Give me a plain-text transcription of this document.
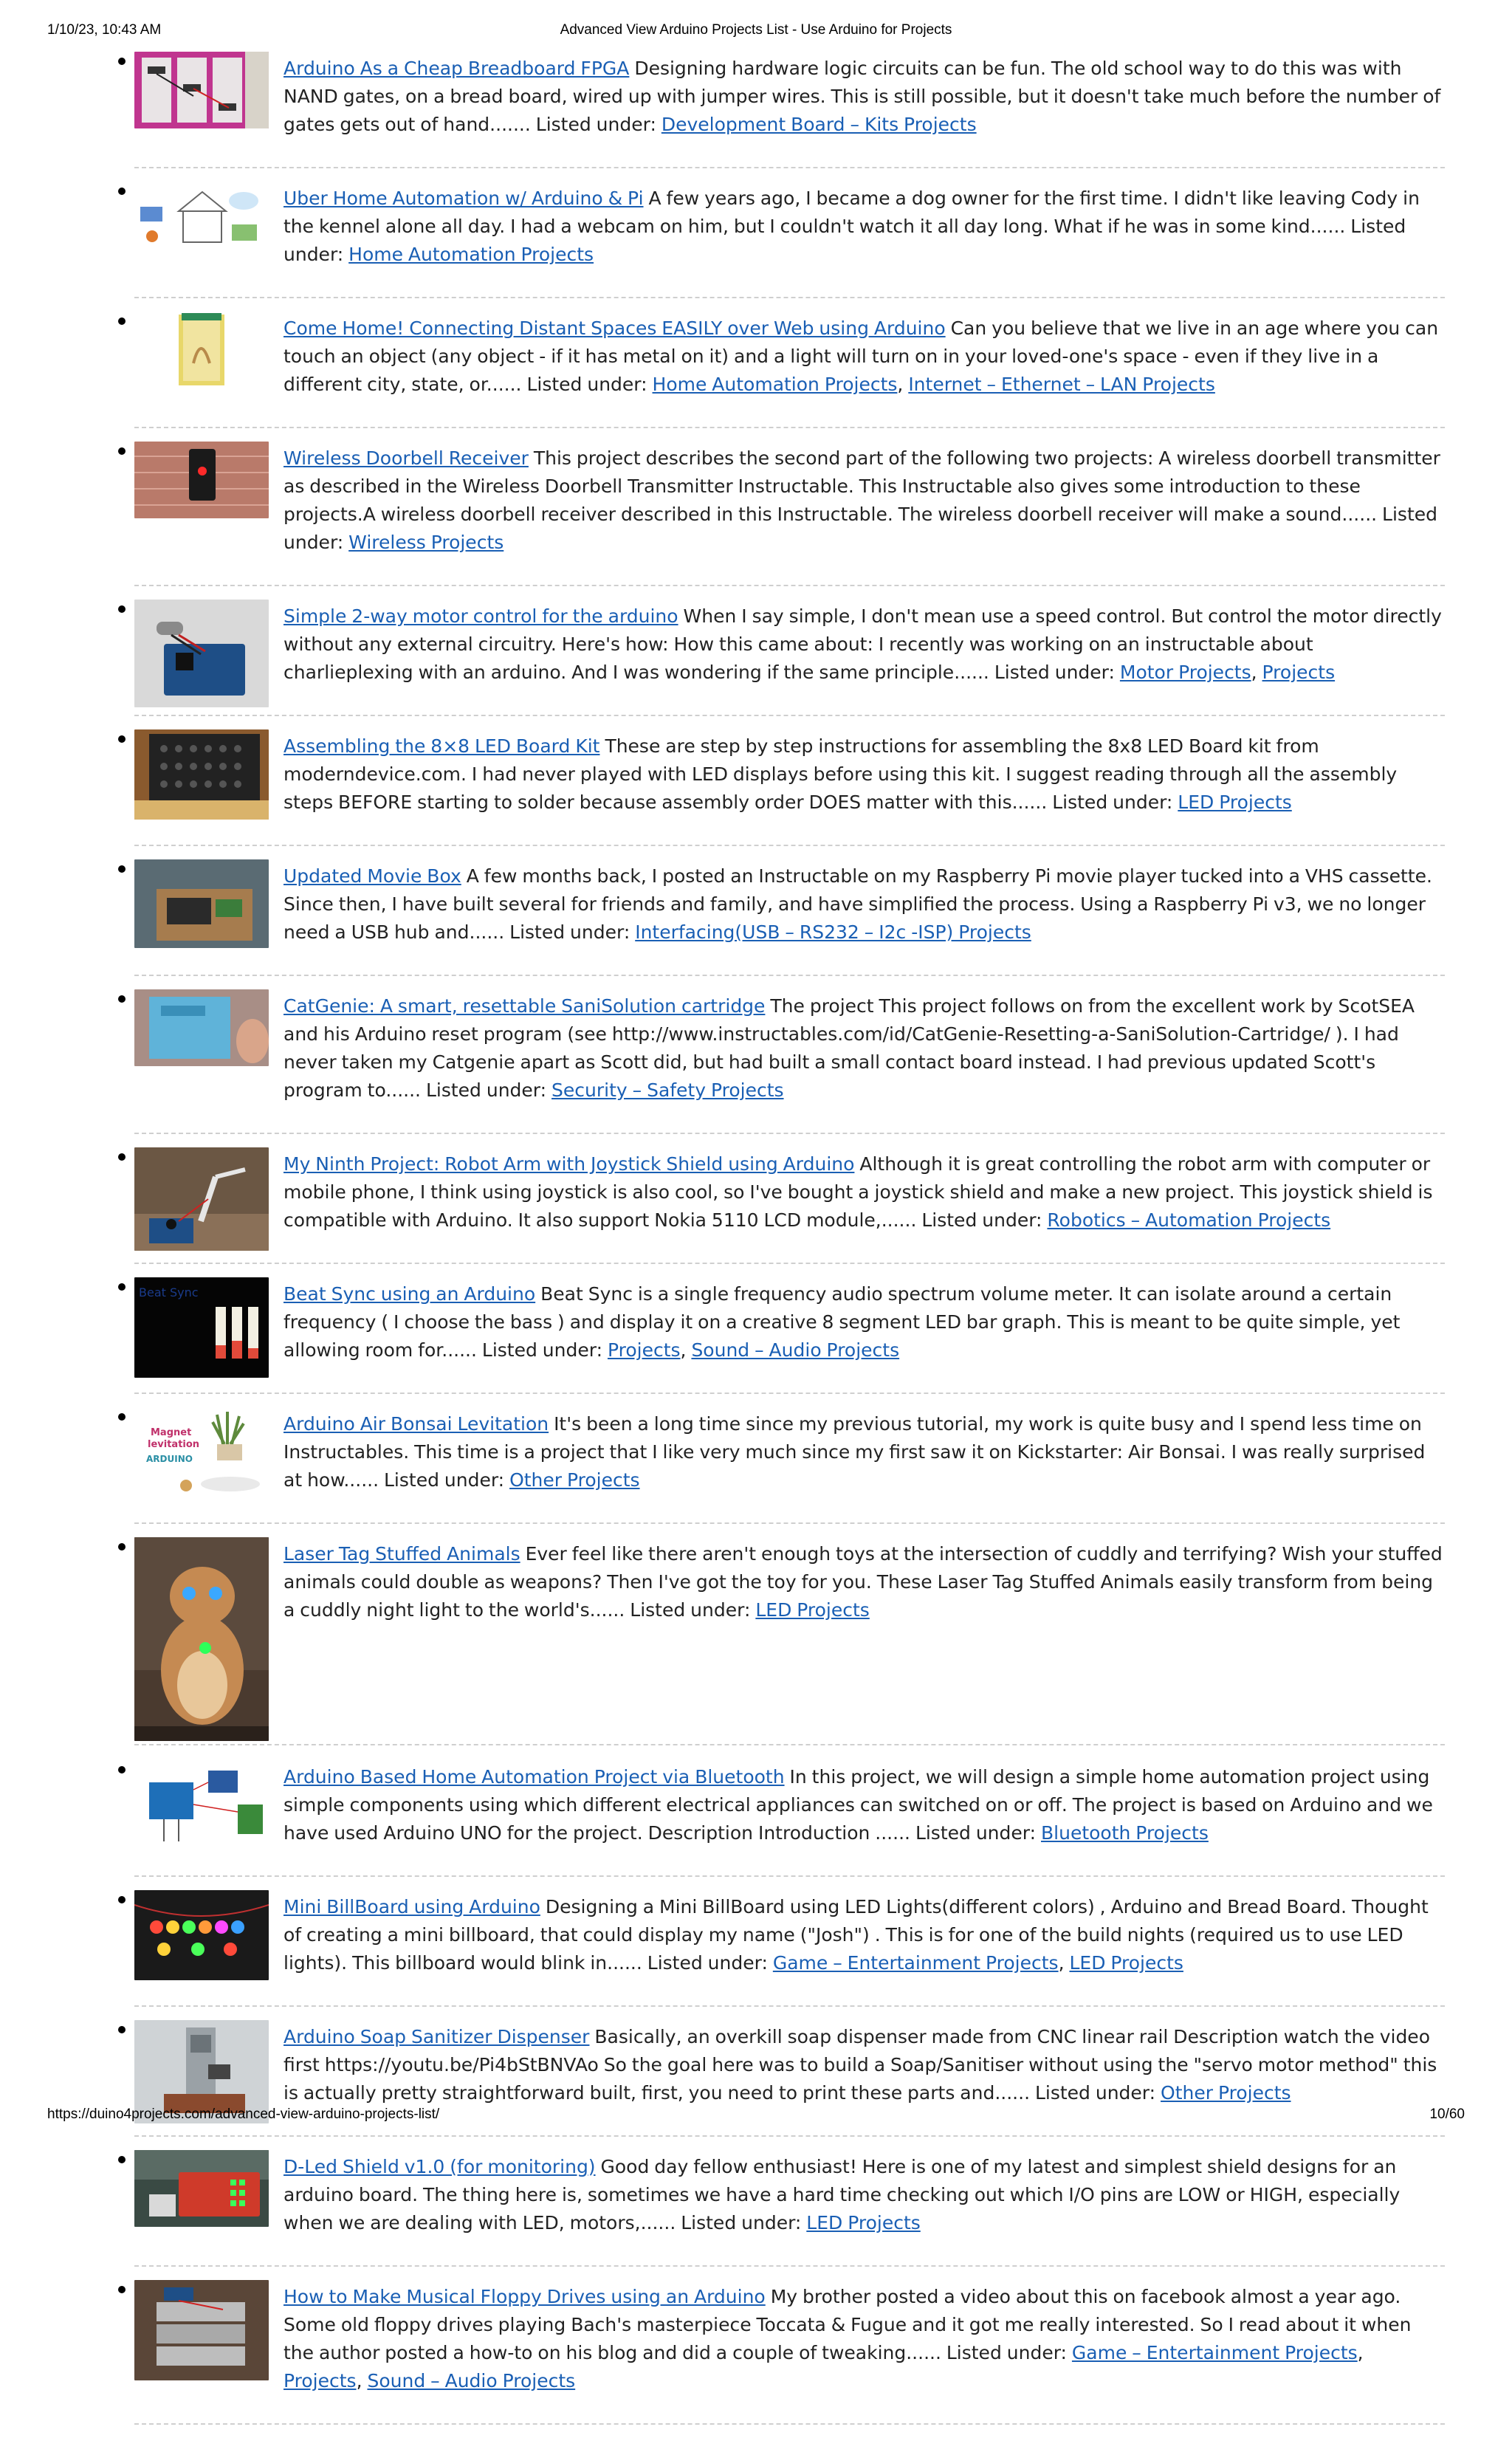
1/10/23, 10:43 AM	Advanced View Arduino Projects List - Use Arduino for Projects
Arduino As a Cheap Breadboard FPGA Designing hardware logic circuits can be fun. The old school way to do this was with NAND gates, on a bread board, wired up with jumper wires. This is still possible, but it doesn't take much before the number of gates gets out of hand....... Listed under: Development Board – Kits Projects
Uber Home Automation w/ Arduino & Pi A few years ago, I became a dog owner for the first time. I didn't like leaving Cody in the kennel alone all day. I had a webcam on him, but I couldn't watch it all day long. What if he was in some kind...... Listed under: Home Automation Projects
Come Home! Connecting Distant Spaces EASILY over Web using Arduino Can you believe that we live in an age where you can touch an object (any object - if it has metal on it) and a light will turn on in your loved-one's space - even if they live in a different city, state, or...... Listed under: Home Automation Projects, Internet – Ethernet – LAN Projects
Wireless Doorbell Receiver This project describes the second part of the following two projects: A wireless doorbell transmitter as described in the Wireless Doorbell Transmitter Instructable. This Instructable also gives some introduction to these projects.A wireless doorbell receiver described in this Instructable. The wireless doorbell receiver will make a sound...... Listed under: Wireless Projects
Simple 2-way motor control for the arduino When I say simple, I don't mean use a speed control. But control the motor directly without any external circuitry. Here's how: How this came about: I recently was working on an instructable about charlieplexing with an arduino. And I was wondering if the same principle...... Listed under: Motor Projects, Projects
Assembling the 8×8 LED Board Kit These are step by step instructions for assembling the 8x8 LED Board kit from moderndevice.com. I had never played with LED displays before using this kit. I suggest reading through all the assembly steps BEFORE starting to solder because assembly order DOES matter with this...... Listed under: LED Projects
Updated Movie Box A few months back, I posted an Instructable on my Raspberry Pi movie player tucked into a VHS cassette. Since then, I have built several for friends and family, and have simplified the process. Using a Raspberry Pi v3, we no longer need a USB hub and...... Listed under: Interfacing(USB – RS232 – I2c -ISP) Projects
CatGenie: A smart, resettable SaniSolution cartridge The project This project follows on from the excellent work by ScotSEA and his Arduino reset program (see http://www.instructables.com/id/CatGenie-Resetting-a-SaniSolution-Cartridge/ ). I had never taken my Catgenie apart as Scott did, but had built a small contact board instead. I had previous updated Scott's program to...... Listed under: Security – Safety Projects
My Ninth Project: Robot Arm with Joystick Shield using Arduino Although it is great controlling the robot arm with computer or mobile phone, I think using joystick is also cool, so I've bought a joystick shield and make a new project. This joystick shield is compatible with Arduino. It also support Nokia 5110 LCD module,...... Listed under: Robotics – Automation Projects
Beat Sync	Beat Sync using an Arduino Beat Sync is a single frequency audio spectrum volume meter. It can isolate around a certain frequency ( I choose the bass ) and display it on a creative 8 segment LED bar graph. This is meant to be quite simple, yet allowing room for...... Listed under: Projects, Sound – Audio Projects
Magnet
levitation
ARDUINO
Arduino Air Bonsai Levitation It's been a long time since my previous tutorial, my work is quite busy and I spend less time on Instructables. This time is a project that I like very much since my first saw it on Kickstarter: Air Bonsai. I was really surprised at how...... Listed under: Other Projects
Laser Tag Stuffed Animals Ever feel like there aren't enough toys at the intersection of cuddly and terrifying? Wish your stuffed animals could double as weapons? Then I've got the toy for you. These Laser Tag Stuffed Animals easily transform from being a cuddly night light to the world's...... Listed under: LED Projects
Arduino Based Home Automation Project via Bluetooth In this project, we will design a simple home automation project using simple components using which different electrical appliances can switched on or off. The project is based on Arduino and we have used Arduino UNO for the project. Description Introduction ...... Listed under: Bluetooth Projects
Mini BillBoard using Arduino Designing a Mini BillBoard using LED Lights(different colors) , Arduino and Bread Board. Thought of creating a mini billboard, that could display my name ("Josh") . This is for one of the build nights (required us to use LED lights). This billboard would blink in...... Listed under: Game – Entertainment Projects, LED Projects
Arduino Soap Sanitizer Dispenser Basically, an overkill soap dispenser made from CNC linear rail Description watch the video first https://youtu.be/Pi4bStBNVAo So the goal here was to build a Soap/Sanitiser without using the "servo motor method" this is actually pretty straightforward built, first, you need to print these parts and...... Listed under: Other Projects
D-Led Shield v1.0 (for monitoring) Good day fellow enthusiast! Here is one of my latest and simplest shield designs for an arduino board. The thing here is, sometimes we have a hard time checking out which I/O pins are LOW or HIGH, especially when we are dealing with LED, motors,...... Listed under: LED Projects
How to Make Musical Floppy Drives using an Arduino My brother posted a video about this on facebook almost a year ago. Some old floppy drives playing Bach's masterpiece Toccata & Fugue and it got me really interested. So I read about it when the author posted a how-to on his blog and did a couple of tweaking...... Listed under: Game – Entertainment Projects, Projects, Sound – Audio Projects
https://duino4projects.com/advanced-view-arduino-projects-list/	10/60
